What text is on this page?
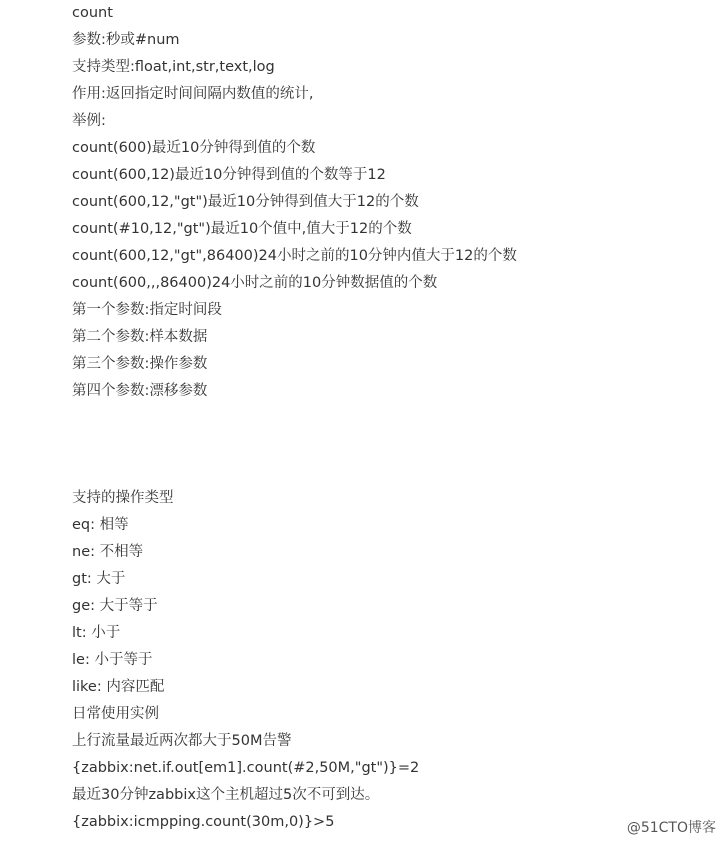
count

参数:秒或#num

支持类型:float,int,str,text,log

作用:返回指定时间间隔内数值的统计,

举例:

count(600)最近10分钟得到值的个数

count(600,12)最近10分钟得到值的个数等于12

count(600,12,"gt")最近10分钟得到值大于12的个数

count(#10,12,"gt")最近10个值中,值大于12的个数

count(600,12,"gt",86400)24小时之前的10分钟内值大于12的个数

count(600,,,86400)24小时之前的10分钟数据值的个数

第一个参数:指定时间段

第二个参数:样本数据

第三个参数:操作参数

第四个参数:漂移参数

支持的操作类型

eq: 相等

ne: 不相等

gt: 大于

ge: 大于等于

lt: 小于

le: 小于等于

like: 内容匹配

日常使用实例

上行流量最近两次都大于50M告警

{zabbix:net.if.out[em1].count(#2,50M,"gt")}=2

最近30分钟zabbix这个主机超过5次不可到达。

{zabbix:icmpping.count(30m,0)}>5	@51CTO博客
